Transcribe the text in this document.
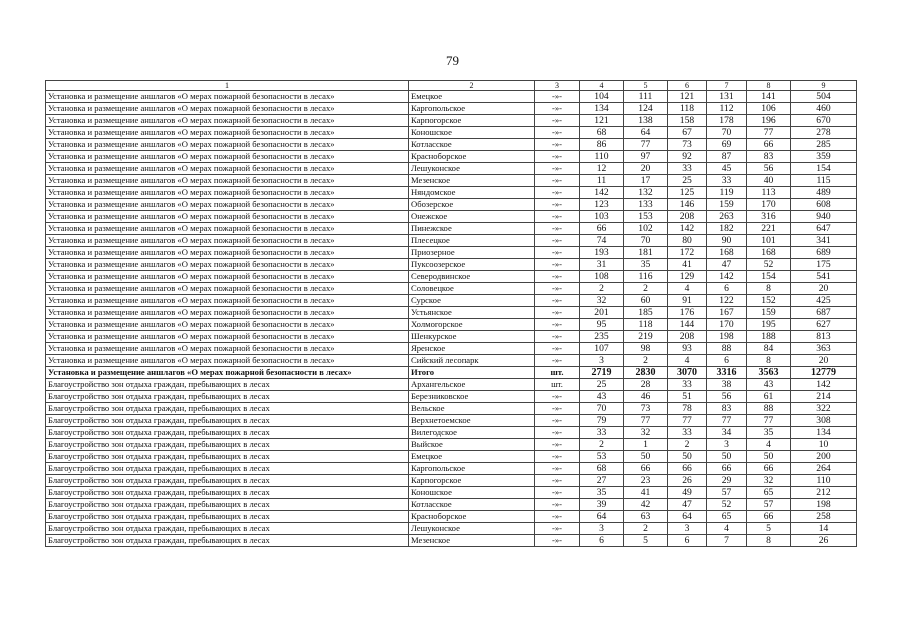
79
1	2	3	4	5	6	7	8	9
Установка и размещение аншлагов «О мерах пожарной безопасности в лесах»	Емецкое	-»-	104	111	121	131	141	504
Установка и размещение аншлагов «О мерах пожарной безопасности в лесах»	Каргопольское	-»-	134	124	118	112	106	460
Установка и размещение аншлагов «О мерах пожарной безопасности в лесах»	Карпогорское	-»-	121	138	158	178	196	670
Установка и размещение аншлагов «О мерах пожарной безопасности в лесах»	Коношское	-»-	68	64	67	70	77	278
Установка и размещение аншлагов «О мерах пожарной безопасности в лесах»	Котласское	-»-	86	77	73	69	66	285
Установка и размещение аншлагов «О мерах пожарной безопасности в лесах»	Красноборское	-»-	110	97	92	87	83	359
Установка и размещение аншлагов «О мерах пожарной безопасности в лесах»	Лешуконское	-»-	12	20	33	45	56	154
Установка и размещение аншлагов «О мерах пожарной безопасности в лесах»	Мезенское	-»-	11	17	25	33	40	115
Установка и размещение аншлагов «О мерах пожарной безопасности в лесах»	Няндомское	-»-	142	132	125	119	113	489
Установка и размещение аншлагов «О мерах пожарной безопасности в лесах»	Обозерское	-»-	123	133	146	159	170	608
Установка и размещение аншлагов «О мерах пожарной безопасности в лесах»	Онежское	-»-	103	153	208	263	316	940
Установка и размещение аншлагов «О мерах пожарной безопасности в лесах»	Пинежское	-»-	66	102	142	182	221	647
Установка и размещение аншлагов «О мерах пожарной безопасности в лесах»	Плесецкое	-»-	74	70	80	90	101	341
Установка и размещение аншлагов «О мерах пожарной безопасности в лесах»	Приозерное	-»-	193	181	172	168	168	689
Установка и размещение аншлагов «О мерах пожарной безопасности в лесах»	Пуксоозерское	-»-	31	35	41	47	52	175
Установка и размещение аншлагов «О мерах пожарной безопасности в лесах»	Северодвинское	-»-	108	116	129	142	154	541
Установка и размещение аншлагов «О мерах пожарной безопасности в лесах»	Соловецкое	-»-	2	2	4	6	8	20
Установка и размещение аншлагов «О мерах пожарной безопасности в лесах»	Сурское	-»-	32	60	91	122	152	425
Установка и размещение аншлагов «О мерах пожарной безопасности в лесах»	Устьянское	-»-	201	185	176	167	159	687
Установка и размещение аншлагов «О мерах пожарной безопасности в лесах»	Холмогорское	-»-	95	118	144	170	195	627
Установка и размещение аншлагов «О мерах пожарной безопасности в лесах»	Шенкурское	-»-	235	219	208	198	188	813
Установка и размещение аншлагов «О мерах пожарной безопасности в лесах»	Яренское	-»-	107	98	93	88	84	363
Установка и размещение аншлагов «О мерах пожарной безопасности в лесах»	Сийский лесопарк	-»-	3	2	4	6	8	20
Установка и размещение аншлагов «О мерах пожарной безопасности в лесах»	Итого	шт.	2719	2830	3070	3316	3563	12779
Благоустройство зон отдыха граждан, пребывающих в лесах	Архангельское	шт.	25	28	33	38	43	142
Благоустройство зон отдыха граждан, пребывающих в лесах	Березниковское	-»-	43	46	51	56	61	214
Благоустройство зон отдыха граждан, пребывающих в лесах	Вельское	-»-	70	73	78	83	88	322
Благоустройство зон отдыха граждан, пребывающих в лесах	Верхнетоемское	-»-	79	77	77	77	77	308
Благоустройство зон отдыха граждан, пребывающих в лесах	Вилегодское	-»-	33	32	33	34	35	134
Благоустройство зон отдыха граждан, пребывающих в лесах	Выйское	-»-	2	1	2	3	4	10
Благоустройство зон отдыха граждан, пребывающих в лесах	Емецкое	-»-	53	50	50	50	50	200
Благоустройство зон отдыха граждан, пребывающих в лесах	Каргопольское	-»-	68	66	66	66	66	264
Благоустройство зон отдыха граждан, пребывающих в лесах	Карпогорское	-»-	27	23	26	29	32	110
Благоустройство зон отдыха граждан, пребывающих в лесах	Коношское	-»-	35	41	49	57	65	212
Благоустройство зон отдыха граждан, пребывающих в лесах	Котласское	-»-	39	42	47	52	57	198
Благоустройство зон отдыха граждан, пребывающих в лесах	Красноборское	-»-	64	63	64	65	66	258
Благоустройство зон отдыха граждан, пребывающих в лесах	Лешуконское	-»-	3	2	3	4	5	14
Благоустройство зон отдыха граждан, пребывающих в лесах	Мезенское	-»-	6	5	6	7	8	26
